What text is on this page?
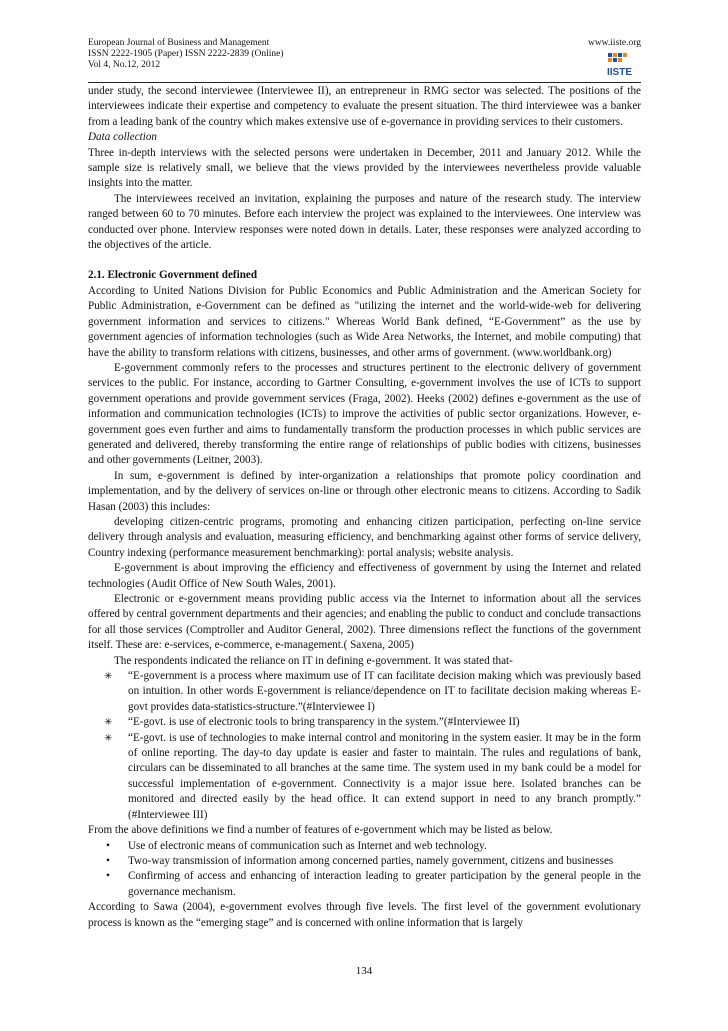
European Journal of Business and Management
ISSN 2222-1905 (Paper) ISSN 2222-2839 (Online)
Vol 4, No.12, 2012
www.iiste.org
IISTE

under study, the second interviewee (Interviewee II), an entrepreneur in RMG sector was selected. The positions of the interviewees indicate their expertise and competency to evaluate the present situation. The third interviewee was a banker from a leading bank of the country which makes extensive use of e-governance in providing services to their customers.

Data collection

Three in-depth interviews with the selected persons were undertaken in December, 2011 and January 2012. While the sample size is relatively small, we believe that the views provided by the interviewees nevertheless provide valuable insights into the matter.

The interviewees received an invitation, explaining the purposes and nature of the research study. The interview ranged between 60 to 70 minutes. Before each interview the project was explained to the interviewees. One interview was conducted over phone. Interview responses were noted down in details. Later, these responses were analyzed according to the objectives of the article.

2.1. Electronic Government defined

According to United Nations Division for Public Economics and Public Administration and the American Society for Public Administration, e-Government can be defined as "utilizing the internet and the world-wide-web for delivering government information and services to citizens." Whereas World Bank defined, “E-Government” as the use by government agencies of information technologies (such as Wide Area Networks, the Internet, and mobile computing) that have the ability to transform relations with citizens, businesses, and other arms of government. (www.worldbank.org)

E-government commonly refers to the processes and structures pertinent to the electronic delivery of government services to the public. For instance, according to Gartner Consulting, e-government involves the use of ICTs to support government operations and provide government services (Fraga, 2002). Heeks (2002) defines e-government as the use of information and communication technologies (ICTs) to improve the activities of public sector organizations. However, e-government goes even further and aims to fundamentally transform the production processes in which public services are generated and delivered, thereby transforming the entire range of relationships of public bodies with citizens, businesses and other governments (Leitner, 2003).

In sum, e-government is defined by inter-organization a relationships that promote policy coordination and implementation, and by the delivery of services on-line or through other electronic means to citizens. According to Sadik Hasan (2003) this includes:

developing citizen-centric programs, promoting and enhancing citizen participation, perfecting on-line service delivery through analysis and evaluation, measuring efficiency, and benchmarking against other forms of service delivery, Country indexing (performance measurement benchmarking): portal analysis; website analysis.

E-government is about improving the efficiency and effectiveness of government by using the Internet and related technologies (Audit Office of New South Wales, 2001).

Electronic or e-government means providing public access via the Internet to information about all the services offered by central government departments and their agencies; and enabling the public to conduct and conclude transactions for all those services (Comptroller and Auditor General, 2002). Three dimensions reflect the functions of the government itself. These are: e-services, e-commerce, e-management.( Saxena, 2005)

The respondents indicated the reliance on IT in defining e-government. It was stated that-

✳ “E-government is a process where maximum use of IT can facilitate decision making which was previously based on intuition. In other words E-government is reliance/dependence on IT to facilitate decision making whereas E-govt provides data-statistics-structure.”(#Interviewee I)
✳ “E-govt. is use of electronic tools to bring transparency in the system.”(#Interviewee II)
✳ “E-govt. is use of technologies to make internal control and monitoring in the system easier. It may be in the form of online reporting. The day-to day update is easier and faster to maintain. The rules and regulations of bank, circulars can be disseminated to all branches at the same time. The system used in my bank could be a model for successful implementation of e-government. Connectivity is a major issue here. Isolated branches can be monitored and directed easily by the head office. It can extend support in need to any branch promptly.” (#Interviewee III)

From the above definitions we find a number of features of e-government which may be listed as below.

• Use of electronic means of communication such as Internet and web technology.
• Two-way transmission of information among concerned parties, namely government, citizens and businesses
• Confirming of access and enhancing of interaction leading to greater participation by the general people in the governance mechanism.

According to Sawa (2004), e-government evolves through five levels. The first level of the government evolutionary process is known as the “emerging stage” and is concerned with online information that is largely

134
